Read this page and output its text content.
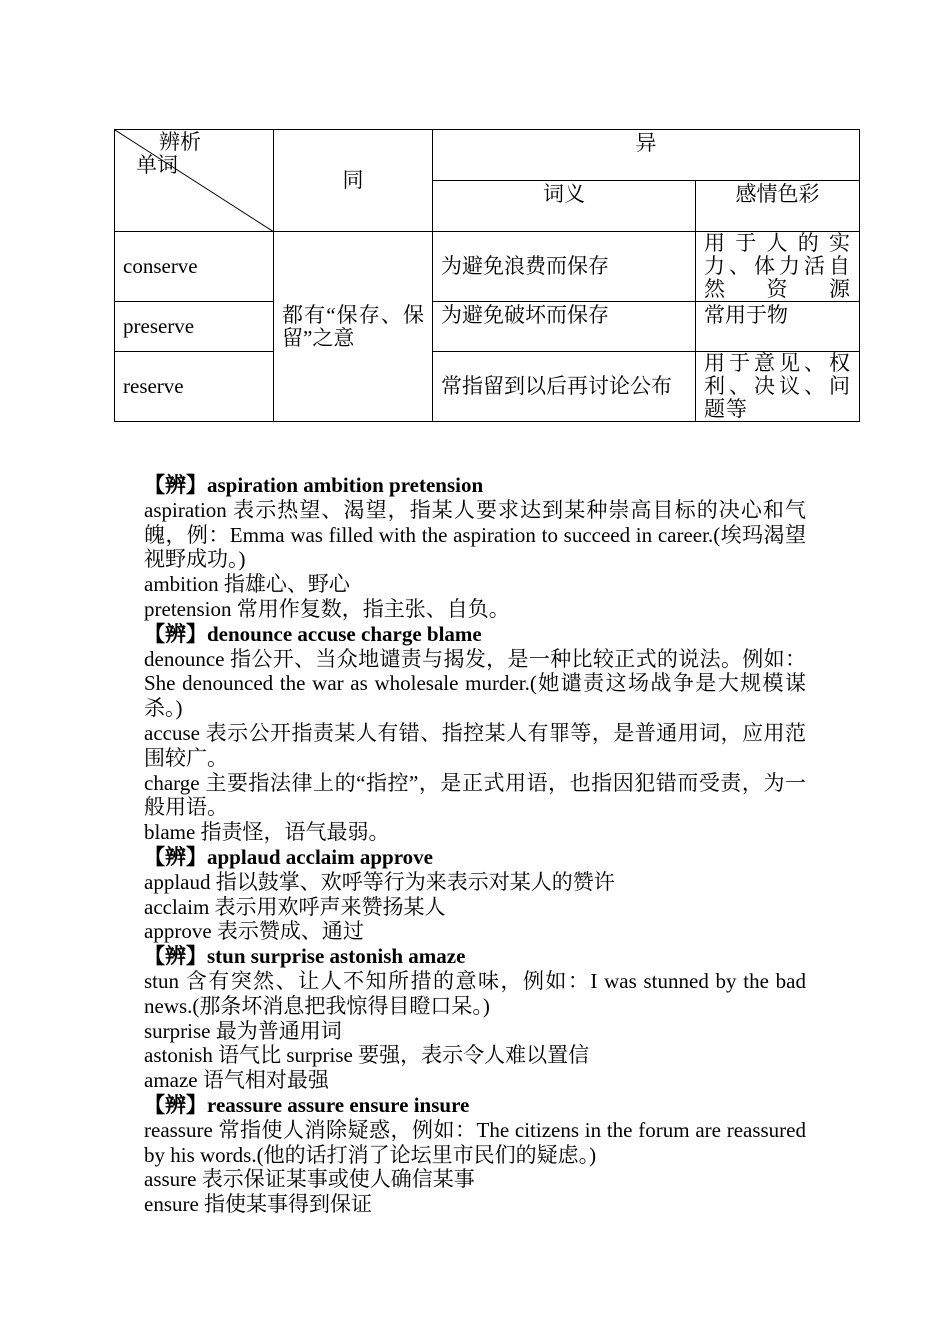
辨析
单词	同	异	
		词义	感情色彩
conserve	都有“保存、保留”之意	为避免浪费而保存	用于人的实力、体力活自然资源
preserve		为避免破坏而保存	常用于物
reserve		常指留到以后再讨论公布	用于意见、权利、决议、问题等

【辨】aspiration ambition pretension

aspiration 表示热望、渴望，指某人要求达到某种崇高目标的决心和气魄，例：Emma was filled with the aspiration to succeed in career.(埃玛渴望视野成功。)

ambition 指雄心、野心

pretension 常用作复数，指主张、自负。

【辨】denounce accuse charge blame

denounce 指公开、当众地谴责与揭发，是一种比较正式的说法。例如：She denounced the war as wholesale murder.(她谴责这场战争是大规模谋杀。)

accuse 表示公开指责某人有错、指控某人有罪等，是普通用词，应用范围较广。

charge 主要指法律上的“指控”，是正式用语，也指因犯错而受责，为一般用语。

blame 指责怪，语气最弱。

【辨】applaud acclaim approve

applaud 指以鼓掌、欢呼等行为来表示对某人的赞许

acclaim 表示用欢呼声来赞扬某人

approve 表示赞成、通过

【辨】stun surprise astonish amaze

stun 含有突然、让人不知所措的意味，例如：I was stunned by the bad news.(那条坏消息把我惊得目瞪口呆。)

surprise 最为普通用词

astonish 语气比 surprise 要强，表示令人难以置信

amaze 语气相对最强

【辨】reassure assure ensure insure

reassure 常指使人消除疑惑，例如：The citizens in the forum are reassured by his words.(他的话打消了论坛里市民们的疑虑。)

assure 表示保证某事或使人确信某事

ensure 指使某事得到保证
